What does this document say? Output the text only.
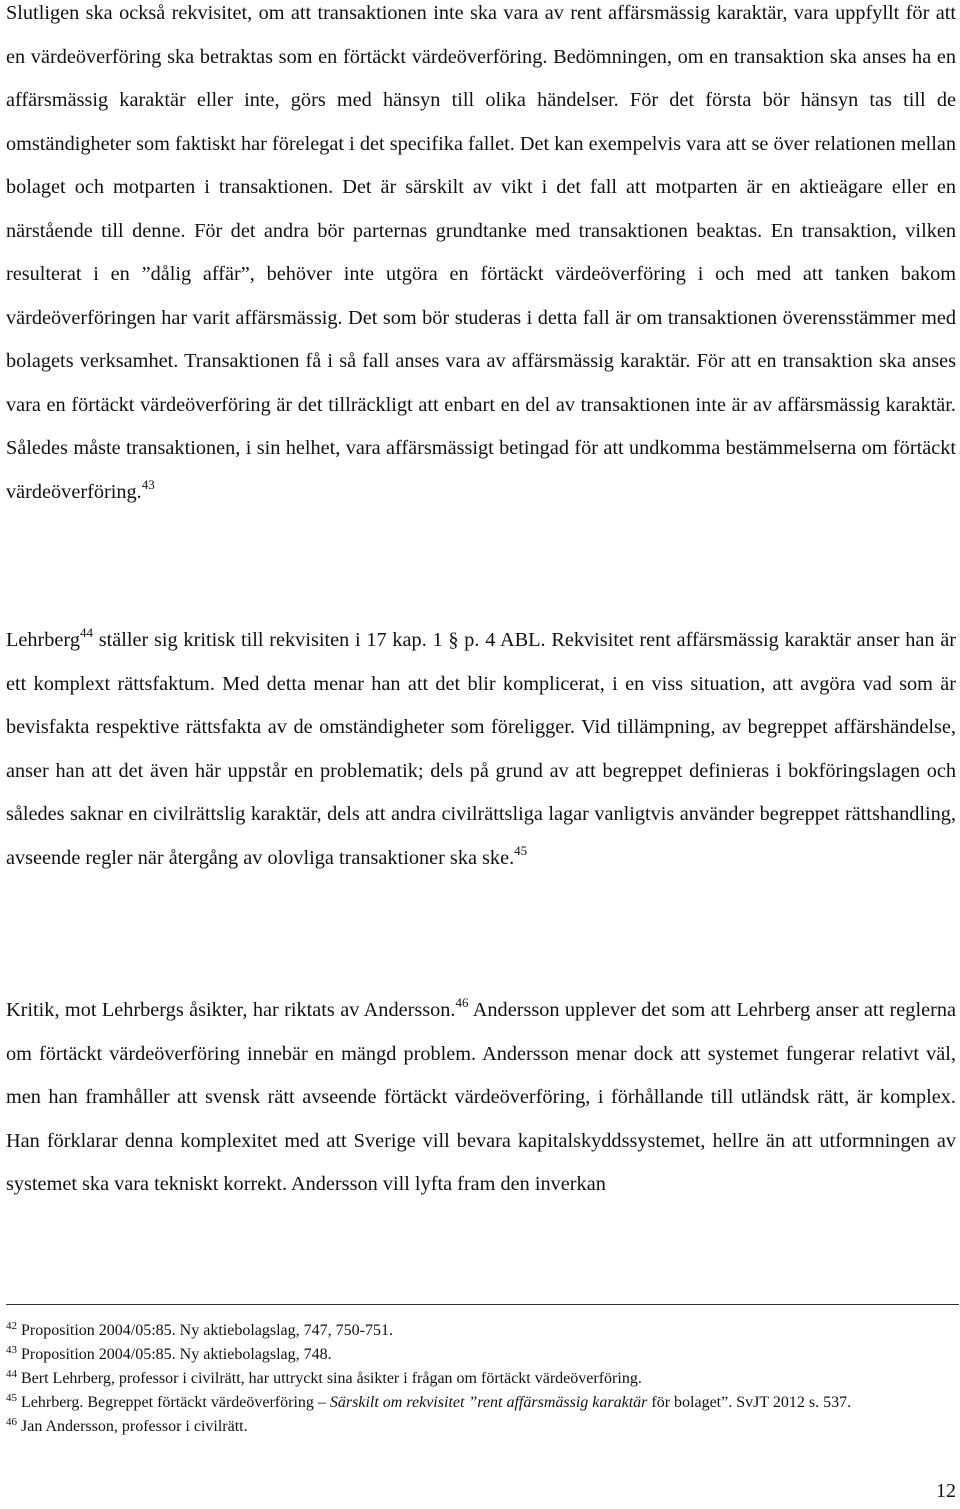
Slutligen ska också rekvisitet, om att transaktionen inte ska vara av rent affärsmässig karaktär, vara uppfyllt för att en värdeöverföring ska betraktas som en förtäckt värdeöverföring. Bedömningen, om en transaktion ska anses ha en affärsmässig karaktär eller inte, görs med hänsyn till olika händelser. För det första bör hänsyn tas till de omständigheter som faktiskt har förelegat i det specifika fallet. Det kan exempelvis vara att se över relationen mellan bolaget och motparten i transaktionen. Det är särskilt av vikt i det fall att motparten är en aktieägare eller en närstående till denne. För det andra bör parternas grundtanke med transaktionen beaktas. En transaktion, vilken resulterat i en ”dålig affär”, behöver inte utgöra en förtäckt värdeöverföring i och med att tanken bakom värdeöverföringen har varit affärsmässig. Det som bör studeras i detta fall är om transaktionen överensstämmer med bolagets verksamhet. Transaktionen få i så fall anses vara av affärsmässig karaktär. För att en transaktion ska anses vara en förtäckt värdeöverföring är det tillräckligt att enbart en del av transaktionen inte är av affärsmässig karaktär. Således måste transaktionen, i sin helhet, vara affärsmässigt betingad för att undkomma bestämmelserna om förtäckt värdeöverföring.$^{43}$

Lehrberg$^{44}$ ställer sig kritisk till rekvisiten i 17 kap. 1 § p. 4 ABL. Rekvisitet rent affärsmässig karaktär anser han är ett komplext rättsfaktum. Med detta menar han att det blir komplicerat, i en viss situation, att avgöra vad som är bevisfakta respektive rättsfakta av de omständigheter som föreligger. Vid tillämpning, av begreppet affärshändelse, anser han att det även här uppstår en problematik; dels på grund av att begreppet definieras i bokföringslagen och således saknar en civilrättslig karaktär, dels att andra civilrättsliga lagar vanligtvis använder begreppet rättshandling, avseende regler när återgång av olovliga transaktioner ska ske.$^{45}$

Kritik, mot Lehrbergs åsikter, har riktats av Andersson.$^{46}$ Andersson upplever det som att Lehrberg anser att reglerna om förtäckt värdeöverföring innebär en mängd problem. Andersson menar dock att systemet fungerar relativt väl, men han framhåller att svensk rätt avseende förtäckt värdeöverföring, i förhållande till utländsk rätt, är komplex. Han förklarar denna komplexitet med att Sverige vill bevara kapitalskyddssystemet, hellre än att utformningen av systemet ska vara tekniskt korrekt. Andersson vill lyfta fram den inverkan

$^{42}$ Proposition 2004/05:85. Ny aktiebolagslag, 747, 750-751.

$^{43}$ Proposition 2004/05:85. Ny aktiebolagslag, 748.

$^{44}$ Bert Lehrberg, professor i civilrätt, har uttryckt sina åsikter i frågan om förtäckt värdeöverföring.

$^{45}$ Lehrberg. Begreppet förtäckt värdeöverföring – Särskilt om rekvisitet ”rent affärsmässig karaktär för bolaget”. SvJT 2012 s. 537.

$^{46}$ Jan Andersson, professor i civilrätt.

12
